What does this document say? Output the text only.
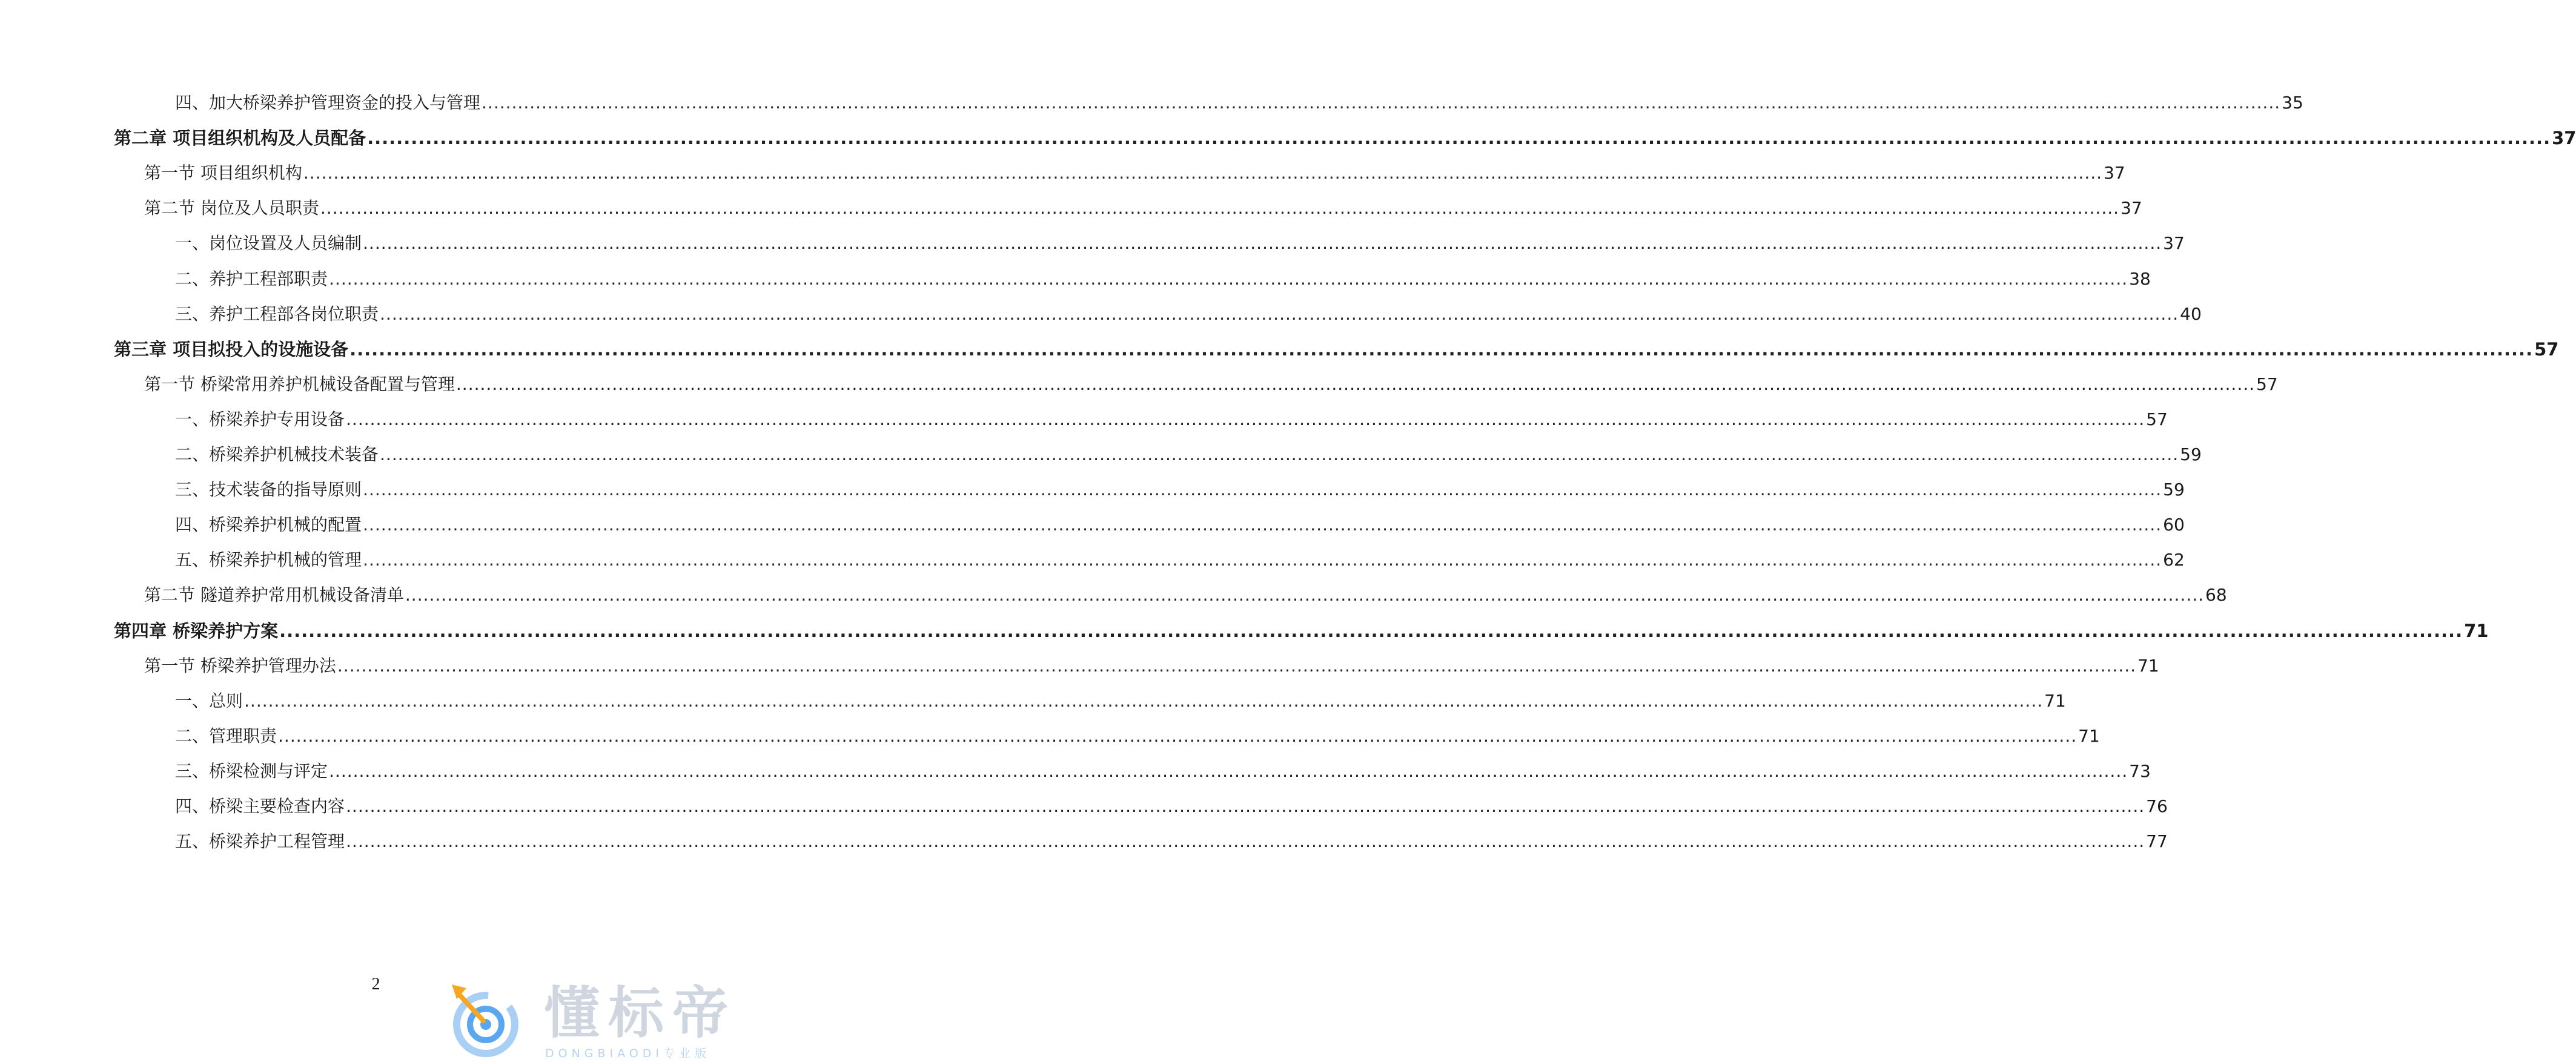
四、加大桥梁养护管理资金的投入与管理 ............................................................................................................................................................................................................................................................................................................ 35
第二章 项目组织机构及人员配备 ............................................................................................................................................................................................................................................................................................................ 37
第一节 项目组织机构 ............................................................................................................................................................................................................................................................................................................ 37
第二节 岗位及人员职责 ............................................................................................................................................................................................................................................................................................................ 37
一、岗位设置及人员编制 ............................................................................................................................................................................................................................................................................................................ 37
二、养护工程部职责 ............................................................................................................................................................................................................................................................................................................ 38
三、养护工程部各岗位职责 ............................................................................................................................................................................................................................................................................................................ 40
第三章 项目拟投入的设施设备 ............................................................................................................................................................................................................................................................................................................ 57
第一节 桥梁常用养护机械设备配置与管理 ............................................................................................................................................................................................................................................................................................................ 57
一、桥梁养护专用设备 ............................................................................................................................................................................................................................................................................................................ 57
二、桥梁养护机械技术装备 ............................................................................................................................................................................................................................................................................................................ 59
三、技术装备的指导原则 ............................................................................................................................................................................................................................................................................................................ 59
四、桥梁养护机械的配置 ............................................................................................................................................................................................................................................................................................................ 60
五、桥梁养护机械的管理 ............................................................................................................................................................................................................................................................................................................ 62
第二节 隧道养护常用机械设备清单 ............................................................................................................................................................................................................................................................................................................ 68
第四章 桥梁养护方案 ............................................................................................................................................................................................................................................................................................................ 71
第一节 桥梁养护管理办法 ............................................................................................................................................................................................................................................................................................................ 71
一、总则 ............................................................................................................................................................................................................................................................................................................ 71
二、管理职责 ............................................................................................................................................................................................................................................................................................................ 71
三、桥梁检测与评定 ............................................................................................................................................................................................................................................................................................................ 73
四、桥梁主要检查内容 ............................................................................................................................................................................................................................................................................................................ 76
五、桥梁养护工程管理 ............................................................................................................................................................................................................................................................................................................ 77
2	懂标帝
DONGBIAODI专业版
